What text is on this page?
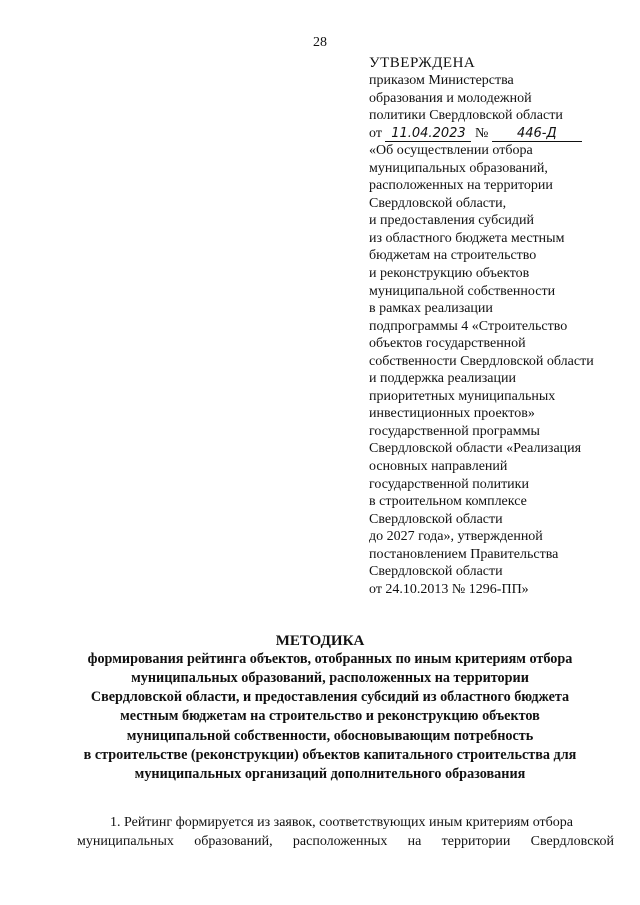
28
УТВЕРЖДЕНА
приказом Министерства
образования и молодежной
политики Свердловской области
от 11.04.2023 № 446-Д
«Об осуществлении отбора
муниципальных образований,
расположенных на территории
Свердловской области,
и предоставления субсидий
из областного бюджета местным
бюджетам на строительство
и реконструкцию объектов
муниципальной собственности
в рамках реализации
подпрограммы 4 «Строительство
объектов государственной
собственности Свердловской области
и поддержка реализации
приоритетных муниципальных
инвестиционных проектов»
государственной программы
Свердловской области «Реализация
основных направлений
государственной политики
в строительном комплексе
Свердловской области
до 2027 года», утвержденной
постановлением Правительства
Свердловской области
от 24.10.2013 № 1296-ПП»
МЕТОДИКА
формирования рейтинга объектов, отобранных по иным критериям отбора
муниципальных образований, расположенных на территории
Свердловской области, и предоставления субсидий из областного бюджета
местным бюджетам на строительство и реконструкцию объектов
муниципальной собственности, обосновывающим потребность
в строительстве (реконструкции) объектов капитального строительства для
муниципальных организаций дополнительного образования
1. Рейтинг формируется из заявок, соответствующих иным критериям отбора
муниципальных образований, расположенных на территории Свердловской
